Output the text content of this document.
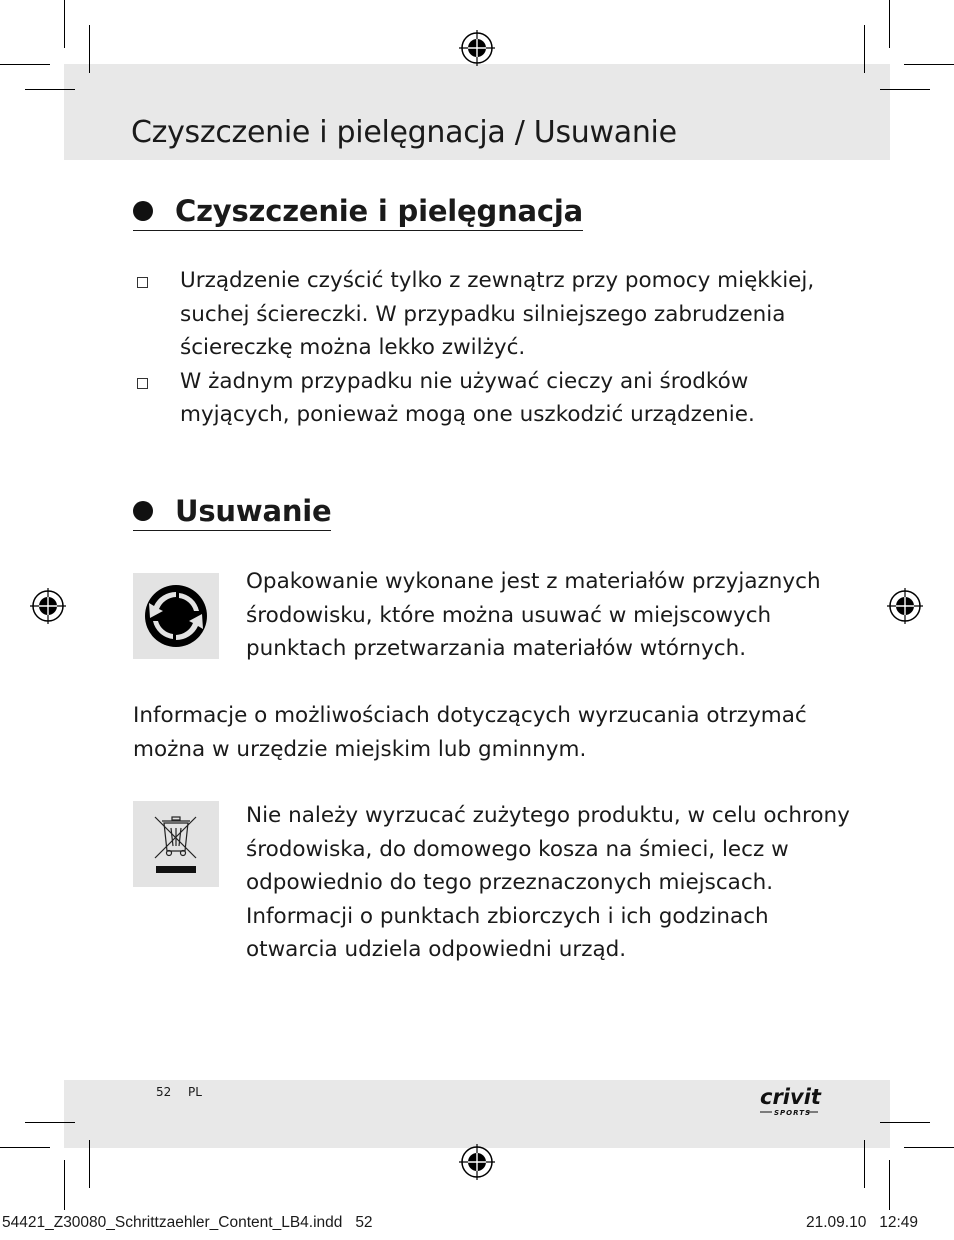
Czyszczenie i pielęgnacja / Usuwanie
Czyszczenie i pielęgnacja
Urządzenie czyścić tylko z zewnątrz przy pomocy miękkiej,
suchej ściereczki. W przypadku silniejszego zabrudzenia
ściereczkę można lekko zwilżyć.
W żadnym przypadku nie używać cieczy ani środków
myjących, ponieważ mogą one uszkodzić urządzenie.
Usuwanie

Opakowanie wykonane jest z materiałów przyjaznych
środowisku, które można usuwać w miejscowych
punktach przetwarzania materiałów wtórnych.

Informacje o możliwościach dotyczących wyrzucania otrzymać
można w urzędzie miejskim lub gminnym.

Nie należy wyrzucać zużytego produktu, w celu ochrony
środowiska, do domowego kosza na śmieci, lecz w
odpowiednio do tego przeznaczonych miejscach.
Informacji o punktach zbiorczych i ich godzinach
otwarcia udziela odpowiedni urząd.

52 PL	crivit
SPORTS
54421_Z30080_Schrittzaehler_Content_LB4.indd   52	21.09.10   12:49
